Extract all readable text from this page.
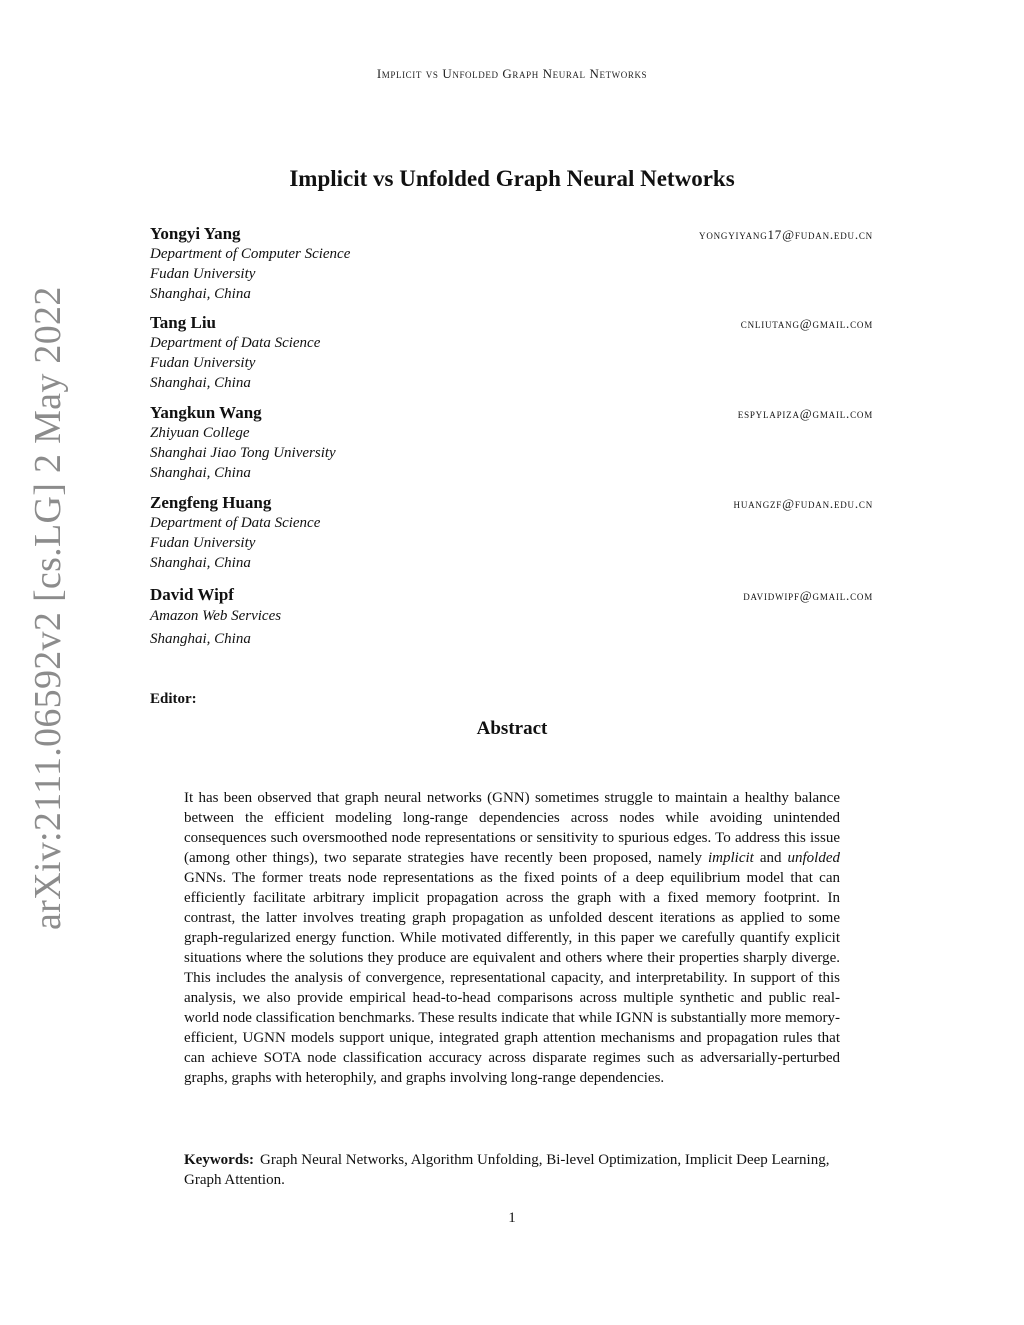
Implicit vs Unfolded Graph Neural Networks
arXiv:2111.06592v2 [cs.LG] 2 May 2022
Implicit vs Unfolded Graph Neural Networks
Yongyi Yang	yongyiyang17@fudan.edu.cn
Department of Computer Science
Fudan University
Shanghai, China
Tang Liu	cnliutang@gmail.com
Department of Data Science
Fudan University
Shanghai, China
Yangkun Wang	espylapiza@gmail.com
Zhiyuan College
Shanghai Jiao Tong University
Shanghai, China
Zengfeng Huang	huangzf@fudan.edu.cn
Department of Data Science
Fudan University
Shanghai, China
David Wipf	davidwipf@gmail.com
Amazon Web Services
Shanghai, China
Editor:
Abstract
It has been observed that graph neural networks (GNN) sometimes struggle to maintain a healthy balance between the efficient modeling long-range dependencies across nodes while avoiding unintended consequences such oversmoothed node representations or sensitivity to spurious edges. To address this issue (among other things), two separate strategies have recently been proposed, namely implicit and unfolded GNNs. The former treats node representations as the fixed points of a deep equilibrium model that can efficiently facilitate arbitrary implicit propagation across the graph with a fixed memory footprint. In contrast, the latter involves treating graph propagation as unfolded descent iterations as applied to some graph-regularized energy function. While motivated differently, in this paper we carefully quantify explicit situations where the solutions they produce are equivalent and others where their properties sharply diverge. This includes the analysis of convergence, representational capacity, and interpretability. In support of this analysis, we also provide empirical head-to-head comparisons across multiple synthetic and public real-world node classification benchmarks. These results indicate that while IGNN is substantially more memory-efficient, UGNN models support unique, integrated graph attention mechanisms and propagation rules that can achieve SOTA node classification accuracy across disparate regimes such as adversarially-perturbed graphs, graphs with heterophily, and graphs involving long-range dependencies.
Keywords: Graph Neural Networks, Algorithm Unfolding, Bi-level Optimization, Implicit Deep Learning, Graph Attention.
1
